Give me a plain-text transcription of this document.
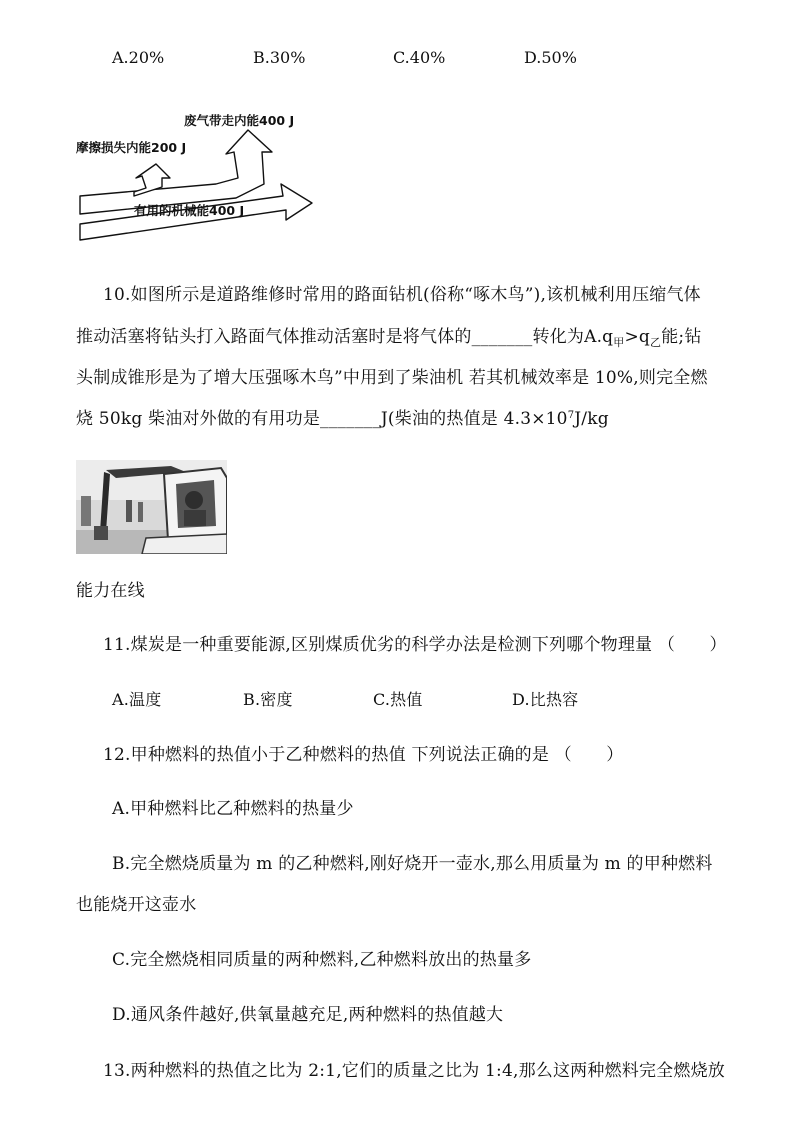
A.20%	B.30%	C.40%	D.50%
废气带走内能400 J
摩擦损失内能200 J
有用的机械能400 J
10.如图所示是道路维修时常用的路面钻机(俗称“啄木鸟”),该机械利用压缩气体
推动活塞将钻头打入路面气体推动活塞时是将气体的_______转化为$A.q_甲>q_乙$能;钻
头制成锥形是为了增大压强啄木鸟”中用到了柴油机 若其机械效率是 10%,则完全燃
烧 50kg 柴油对外做的有用功是_______J(柴油的热值是 $4.3\times 10^7J/kg$
能力在线
11.煤炭是一种重要能源,区别煤质优劣的科学办法是检测下列哪个物理量 （　　）
A.温度	B.密度	C.热值	D.比热容
12.甲种燃料的热值小于乙种燃料的热值 下列说法正确的是 （　　）
A.甲种燃料比乙种燃料的热量少
B.完全燃烧质量为 m 的乙种燃料,刚好烧开一壶水,那么用质量为 m 的甲种燃料
也能烧开这壶水
C.完全燃烧相同质量的两种燃料,乙种燃料放出的热量多
D.通风条件越好,供氧量越充足,两种燃料的热值越大
13.两种燃料的热值之比为 2:1,它们的质量之比为 1:4,那么这两种燃料完全燃烧放
